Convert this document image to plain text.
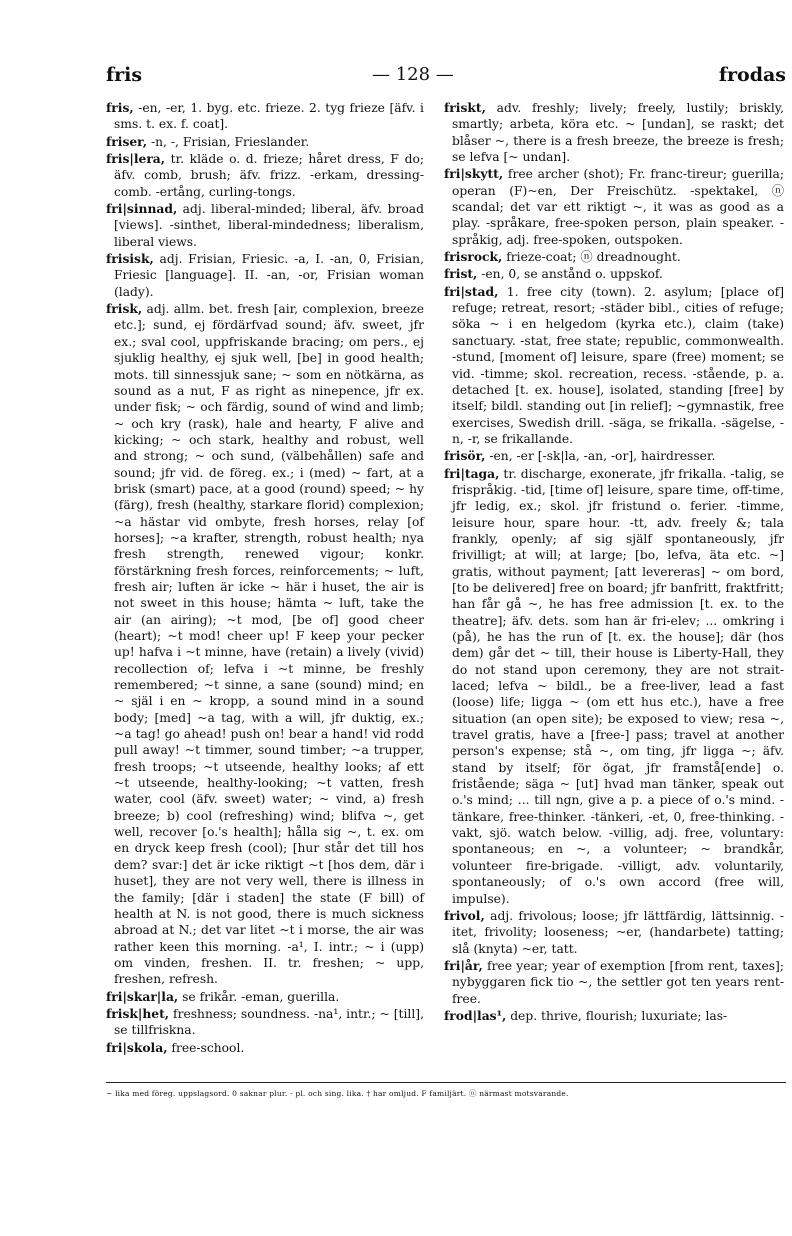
fris	— 128 —	frodas
fris, -en, -er, 1. byg. etc. frieze. 2. tyg frieze [äfv. i sms. t. ex. f. coat].
friser, -n, -, Frisian, Frieslander.
fris|lera, tr. kläde o. d. frieze; håret dress, F do; äfv. comb, brush; äfv. frizz. -erkam, dressing-comb. -ertång, curling-tongs.
fri|sinnad, adj. liberal-minded; liberal, äfv. broad [views]. -sinthet, liberal-mindedness; liberalism, liberal views.
frisisk, adj. Frisian, Friesic. -a, I. -an, 0, Frisian, Friesic [language]. II. -an, -or, Frisian woman (lady).
frisk, adj. allm. bet. fresh [air, complexion, breeze etc.]; sund, ej fördärfvad sound; äfv. sweet, jfr ex.; sval cool, uppfriskande bracing; om pers., ej sjuklig healthy, ej sjuk well, [be] in good health; mots. till sinnessjuk sane; ~ som en nötkärna, as sound as a nut, F as right as ninepence, jfr ex. under fisk; ~ och färdig, sound of wind and limb; ~ och kry (rask), hale and hearty, F alive and kicking; ~ och stark, healthy and robust, well and strong; ~ och sund, (välbehållen) safe and sound; jfr vid. de föreg. ex.; i (med) ~ fart, at a brisk (smart) pace, at a good (round) speed; ~ hy (färg), fresh (healthy, starkare florid) complexion; ~a hästar vid ombyte, fresh horses, relay [of horses]; ~a krafter, strength, robust health; nya fresh strength, renewed vigour; konkr. förstärkning fresh forces, reinforcements; ~ luft, fresh air; luften är icke ~ här i huset, the air is not sweet in this house; hämta ~ luft, take the air (an airing); ~t mod, [be of] good cheer (heart); ~t mod! cheer up! F keep your pecker up! hafva i ~t minne, have (retain) a lively (vivid) recollection of; lefva i ~t minne, be freshly remembered; ~t sinne, a sane (sound) mind; en ~ själ i en ~ kropp, a sound mind in a sound body; [med] ~a tag, with a will, jfr duktig, ex.; ~a tag! go ahead! push on! bear a hand! vid rodd pull away! ~t timmer, sound timber; ~a trupper, fresh troops; ~t utseende, healthy looks; af ett ~t utseende, healthy-looking; ~t vatten, fresh water, cool (äfv. sweet) water; ~ vind, a) fresh breeze; b) cool (refreshing) wind; blifva ~, get well, recover [o.'s health]; hålla sig ~, t. ex. om en dryck keep fresh (cool); [hur står det till hos dem? svar:] det är icke riktigt ~t [hos dem, där i huset], they are not very well, there is illness in the family; [där i staden] the state (F bill) of health at N. is not good, there is much sickness abroad at N.; det var litet ~t i morse, the air was rather keen this morning. -a¹, I. intr.; ~ i (upp) om vinden, freshen. II. tr. freshen; ~ upp, freshen, refresh.
fri|skar|la, se frikår. -eman, guerilla.
frisk|het, freshness; soundness. -na¹, intr.; ~ [till], se tillfriskna.
fri|skola, free-school.
friskt, adv. freshly; lively; freely, lustily; briskly, smartly; arbeta, köra etc. ~ [undan], se raskt; det blåser ~, there is a fresh breeze, the breeze is fresh; se lefva [~ undan].
fri|skytt, free archer (shot); Fr. franc-tireur; guerilla; operan (F)~en, Der Freischütz. -spektakel, ⓝ scandal; det var ett riktigt ~, it was as good as a play. -språkare, free-spoken person, plain speaker. -språkig, adj. free-spoken, outspoken.
frisrock, frieze-coat; ⓝ dreadnought.
frist, -en, 0, se anstånd o. uppskof.
fri|stad, 1. free city (town). 2. asylum; [place of] refuge; retreat, resort; -städer bibl., cities of refuge; söka ~ i en helgedom (kyrka etc.), claim (take) sanctuary. -stat, free state; republic, commonwealth. -stund, [moment of] leisure, spare (free) moment; se vid. -timme; skol. recreation, recess. -stående, p. a. detached [t. ex. house], isolated, standing [free] by itself; bildl. standing out [in relief]; ~gymnastik, free exercises, Swedish drill. -säga, se frikalla. -sägelse, -n, -r, se frikallande.
frisör, -en, -er [-sk|la, -an, -or], hairdresser.
fri|taga, tr. discharge, exonerate, jfr frikalla. -talig, se frispråkig. -tid, [time of] leisure, spare time, off-time, jfr ledig, ex.; skol. jfr fristund o. ferier. -timme, leisure hour, spare hour. -tt, adv. freely &; tala frankly, openly; af sig själf spontaneously, jfr frivilligt; at will; at large; [bo, lefva, äta etc. ~] gratis, without payment; [att levereras] ~ om bord, [to be delivered] free on board; jfr banfritt, fraktfritt; han får gå ~, he has free admission [t. ex. to the theatre]; äfv. dets. som han är fri-elev; ... omkring i (på), he has the run of [t. ex. the house]; där (hos dem) går det ~ till, their house is Liberty-Hall, they do not stand upon ceremony, they are not strait-laced; lefva ~ bildl., be a free-liver, lead a fast (loose) life; ligga ~ (om ett hus etc.), have a free situation (an open site); be exposed to view; resa ~, travel gratis, have a [free-] pass; travel at another person's expense; stå ~, om ting, jfr ligga ~; äfv. stand by itself; för ögat, jfr framstå[ende] o. fristående; säga ~ [ut] hvad man tänker, speak out o.'s mind; ... till ngn, give a p. a piece of o.'s mind. -tänkare, free-thinker. -tänkeri, -et, 0, free-thinking. -vakt, sjö. watch below. -villig, adj. free, voluntary: spontaneous; en ~, a volunteer; ~ brandkår, volunteer fire-brigade. -villigt, adv. voluntarily, spontaneously; of o.'s own accord (free will, impulse).
frivol, adj. frivolous; loose; jfr lättfärdig, lättsinnig. -itet, frivolity; looseness; ~er, (handarbete) tatting; slå (knyta) ~er, tatt.
fri|år, free year; year of exemption [from rent, taxes]; nybyggaren fick tio ~, the settler got ten years rent-free.
frod|las¹, dep. thrive, flourish; luxuriate; las-
~ lika med föreg. uppslagsord. 0 saknar plur. - pl. och sing. lika. † har omljud. F familjärt. ⓝ närmast motsvarande.
